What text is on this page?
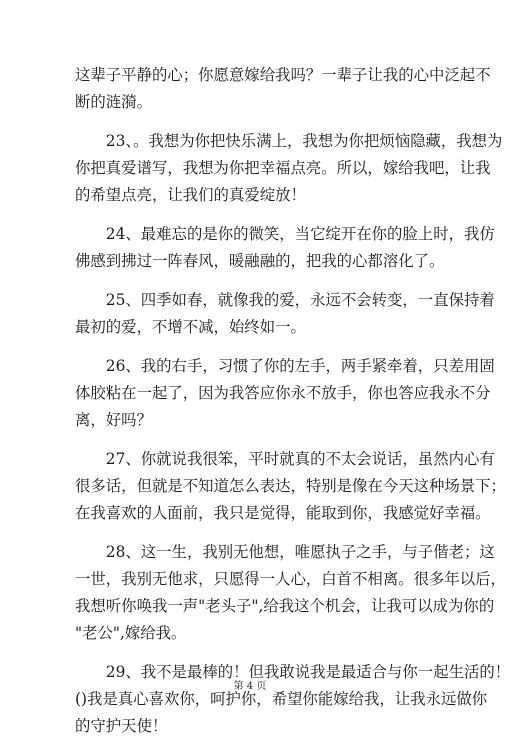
这辈子平静的心；你愿意嫁给我吗？一辈子让我的心中泛起不
断的涟漪。
23、。我想为你把快乐满上，我想为你把烦恼隐藏，我想为
你把真爱谱写，我想为你把幸福点亮。所以，嫁给我吧，让我
的希望点亮，让我们的真爱绽放！
24、最难忘的是你的微笑，当它绽开在你的脸上时，我仿
佛感到拂过一阵春风，暖融融的，把我的心都溶化了。
25、四季如春，就像我的爱，永远不会转变，一直保持着
最初的爱，不增不减，始终如一。
26、我的右手，习惯了你的左手，两手紧牵着，只差用固
体胶粘在一起了，因为我答应你永不放手，你也答应我永不分
离，好吗？
27、你就说我很笨，平时就真的不太会说话，虽然内心有
很多话，但就是不知道怎么表达，特别是像在今天这种场景下；
在我喜欢的人面前，我只是觉得，能取到你，我感觉好幸福。
28、这一生，我别无他想，唯愿执子之手，与子偕老；这
一世，我别无他求，只愿得一人心，白首不相离。很多年以后，
我想听你唤我一声"老头子",给我这个机会，让我可以成为你的
"老公",嫁给我。
29、我不是最棒的！但我敢说我是最适合与你一起生活的！
()我是真心喜欢你，呵护你，希望你能嫁给我，让我永远做你
的守护天使！
第 4 页
